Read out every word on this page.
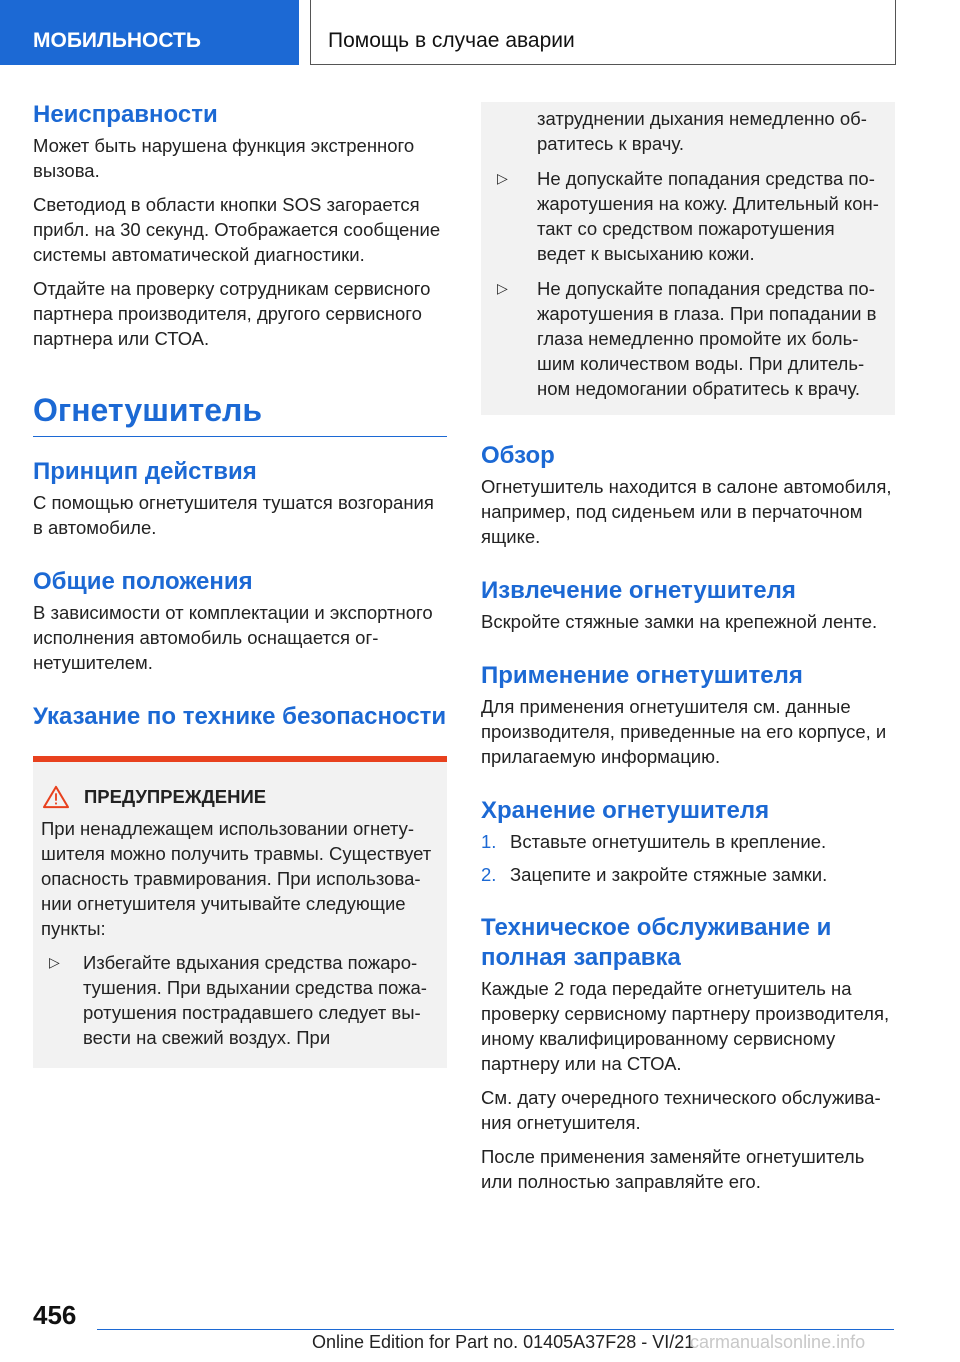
МОБИЛЬНОСТЬ	Помощь в случае аварии
Неисправности

Может быть нарушена функция экстренного вызова.

Светодиод в области кнопки SOS загорается прибл. на 30 секунд. Отображается сообщение системы автоматической диагностики.

Отдайте на проверку сотрудникам сервисного партнера производителя, другого сервисного партнера или СТОА.

Огнетушитель
Принцип действия

С помощью огнетушителя тушатся возгорания в автомобиле.

Общие положения

В зависимости от комплектации и экспортного исполнения автомобиль оснащается огнетушителем.

Указание по технике безопасности
ПРЕДУПРЕЖДЕНИЕ

При ненадлежащем использовании огнетушителя можно получить травмы. Существует опасность травмирования. При использовании огнетушителя учитывайте следующие пункты:

▷	Избегайте вдыхания средства пожаротушения. При вдыхании средства пожаротушения пострадавшего следует вывести на свежий воздух. При
затруднении дыхания немедленно обратитесь к врачу.
▷	Не допускайте попадания средства пожаротушения на кожу. Длительный контакт со средством пожаротушения ведет к высыханию кожи.
▷	Не допускайте попадания средства пожаротушения в глаза. При попадании в глаза немедленно промойте их большим количеством воды. При длительном недомогании обратитесь к врачу.
Обзор

Огнетушитель находится в салоне автомобиля, например, под сиденьем или в перчаточном ящике.

Извлечение огнетушителя

Вскройте стяжные замки на крепежной ленте.

Применение огнетушителя

Для применения огнетушителя см. данные производителя, приведенные на его корпусе, и прилагаемую информацию.

Хранение огнетушителя
1. Вставьте огнетушитель в крепление.
2. Зацепите и закройте стяжные замки.
Техническое обслуживание и полная заправка

Каждые 2 года передайте огнетушитель на проверку сервисному партнеру производителя, иному квалифицированному сервисному партнеру или на СТОА.

См. дату очередного технического обслуживания огнетушителя.

После применения заменяйте огнетушитель или полностью заправляйте его.

456
Online Edition for Part no. 01405A37F28 - VI/21
carmanualsonline.info
